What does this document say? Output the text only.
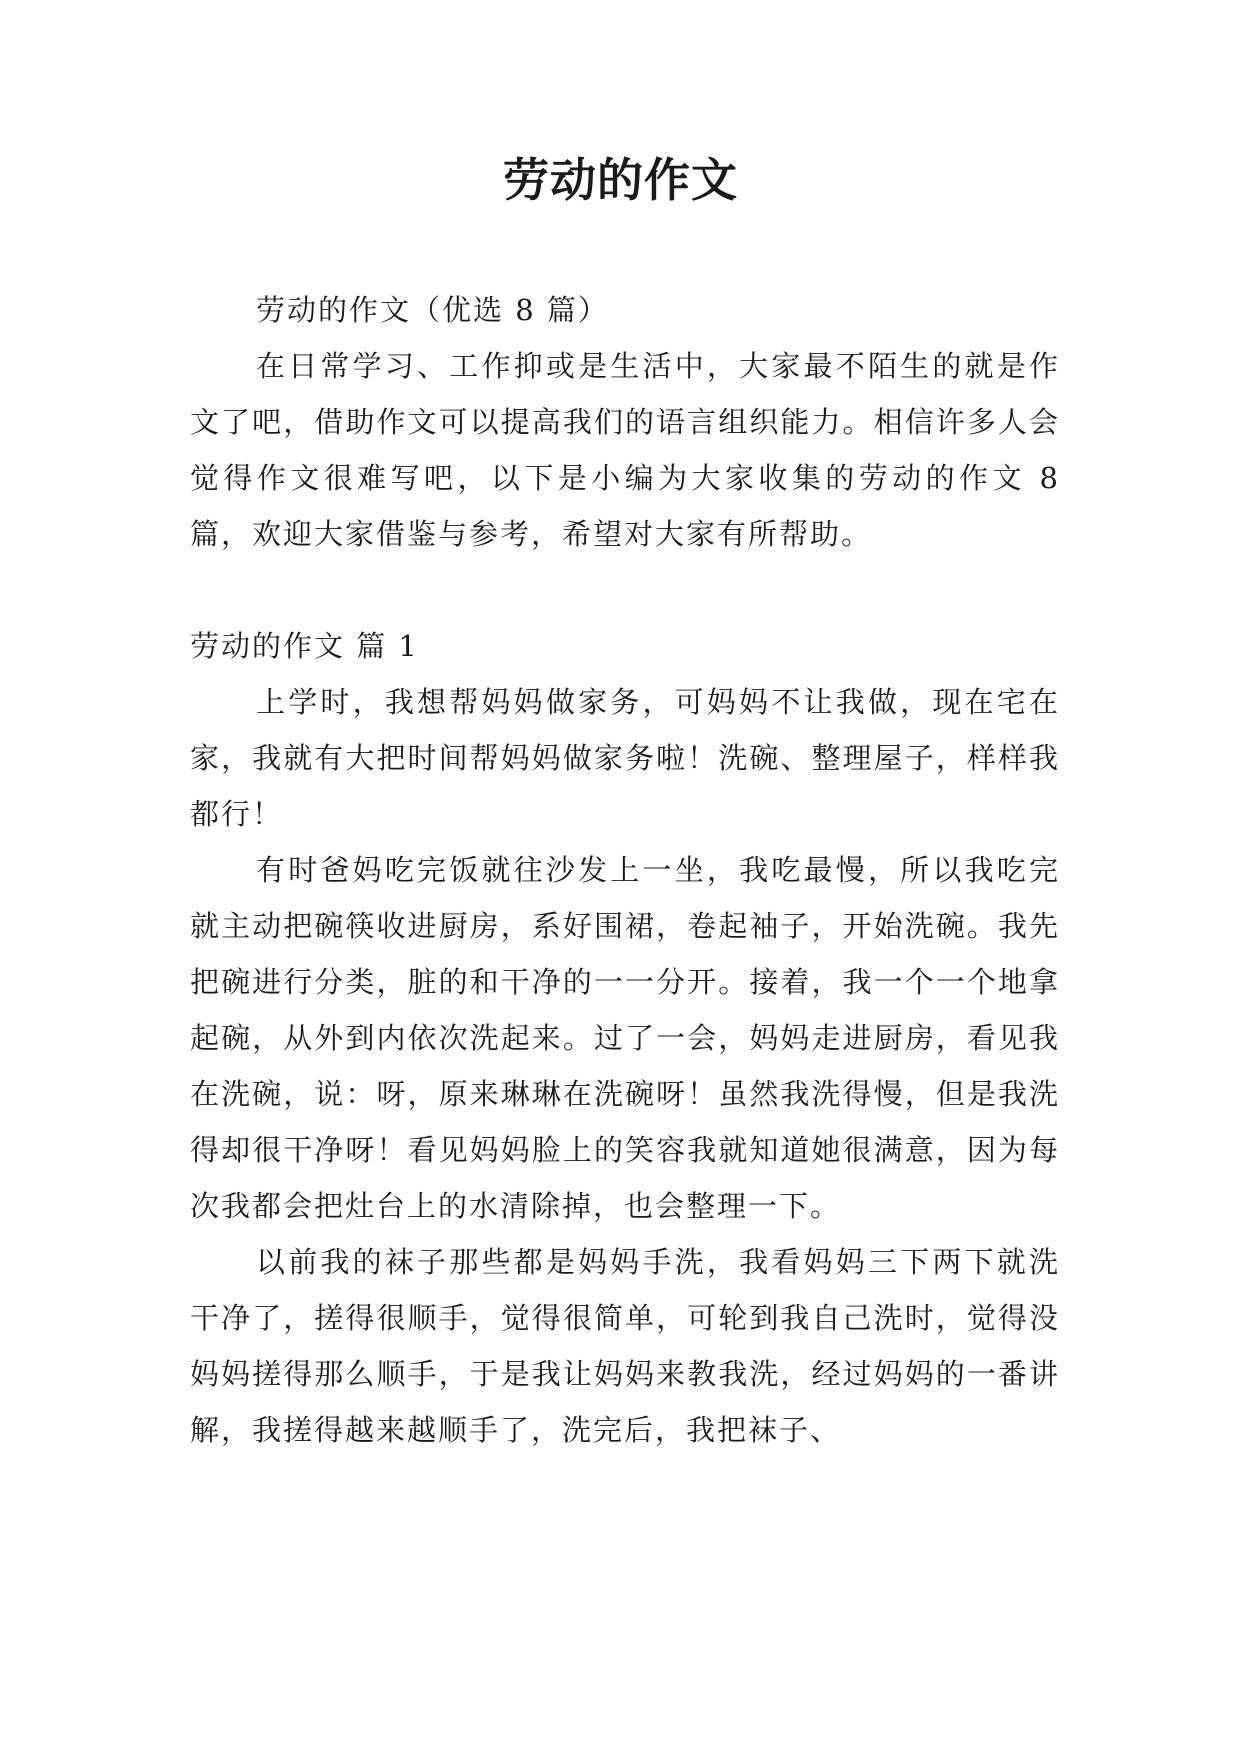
劳动的作文

劳动的作文（优选 8 篇）

在日常学习、工作抑或是生活中，大家最不陌生的就是作文了吧，借助作文可以提高我们的语言组织能力。相信许多人会觉得作文很难写吧，以下是小编为大家收集的劳动的作文 8 篇，欢迎大家借鉴与参考，希望对大家有所帮助。

劳动的作文 篇 1

上学时，我想帮妈妈做家务，可妈妈不让我做，现在宅在家，我就有大把时间帮妈妈做家务啦！洗碗、整理屋子，样样我都行！

有时爸妈吃完饭就往沙发上一坐，我吃最慢，所以我吃完就主动把碗筷收进厨房，系好围裙，卷起袖子，开始洗碗。我先把碗进行分类，脏的和干净的一一分开。接着，我一个一个地拿起碗，从外到内依次洗起来。过了一会，妈妈走进厨房，看见我在洗碗，说：呀，原来琳琳在洗碗呀！虽然我洗得慢，但是我洗得却很干净呀！看见妈妈脸上的笑容我就知道她很满意，因为每次我都会把灶台上的水清除掉，也会整理一下。

以前我的袜子那些都是妈妈手洗，我看妈妈三下两下就洗干净了，搓得很顺手，觉得很简单，可轮到我自己洗时，觉得没妈妈搓得那么顺手，于是我让妈妈来教我洗，经过妈妈的一番讲解，我搓得越来越顺手了，洗完后，我把袜子、
